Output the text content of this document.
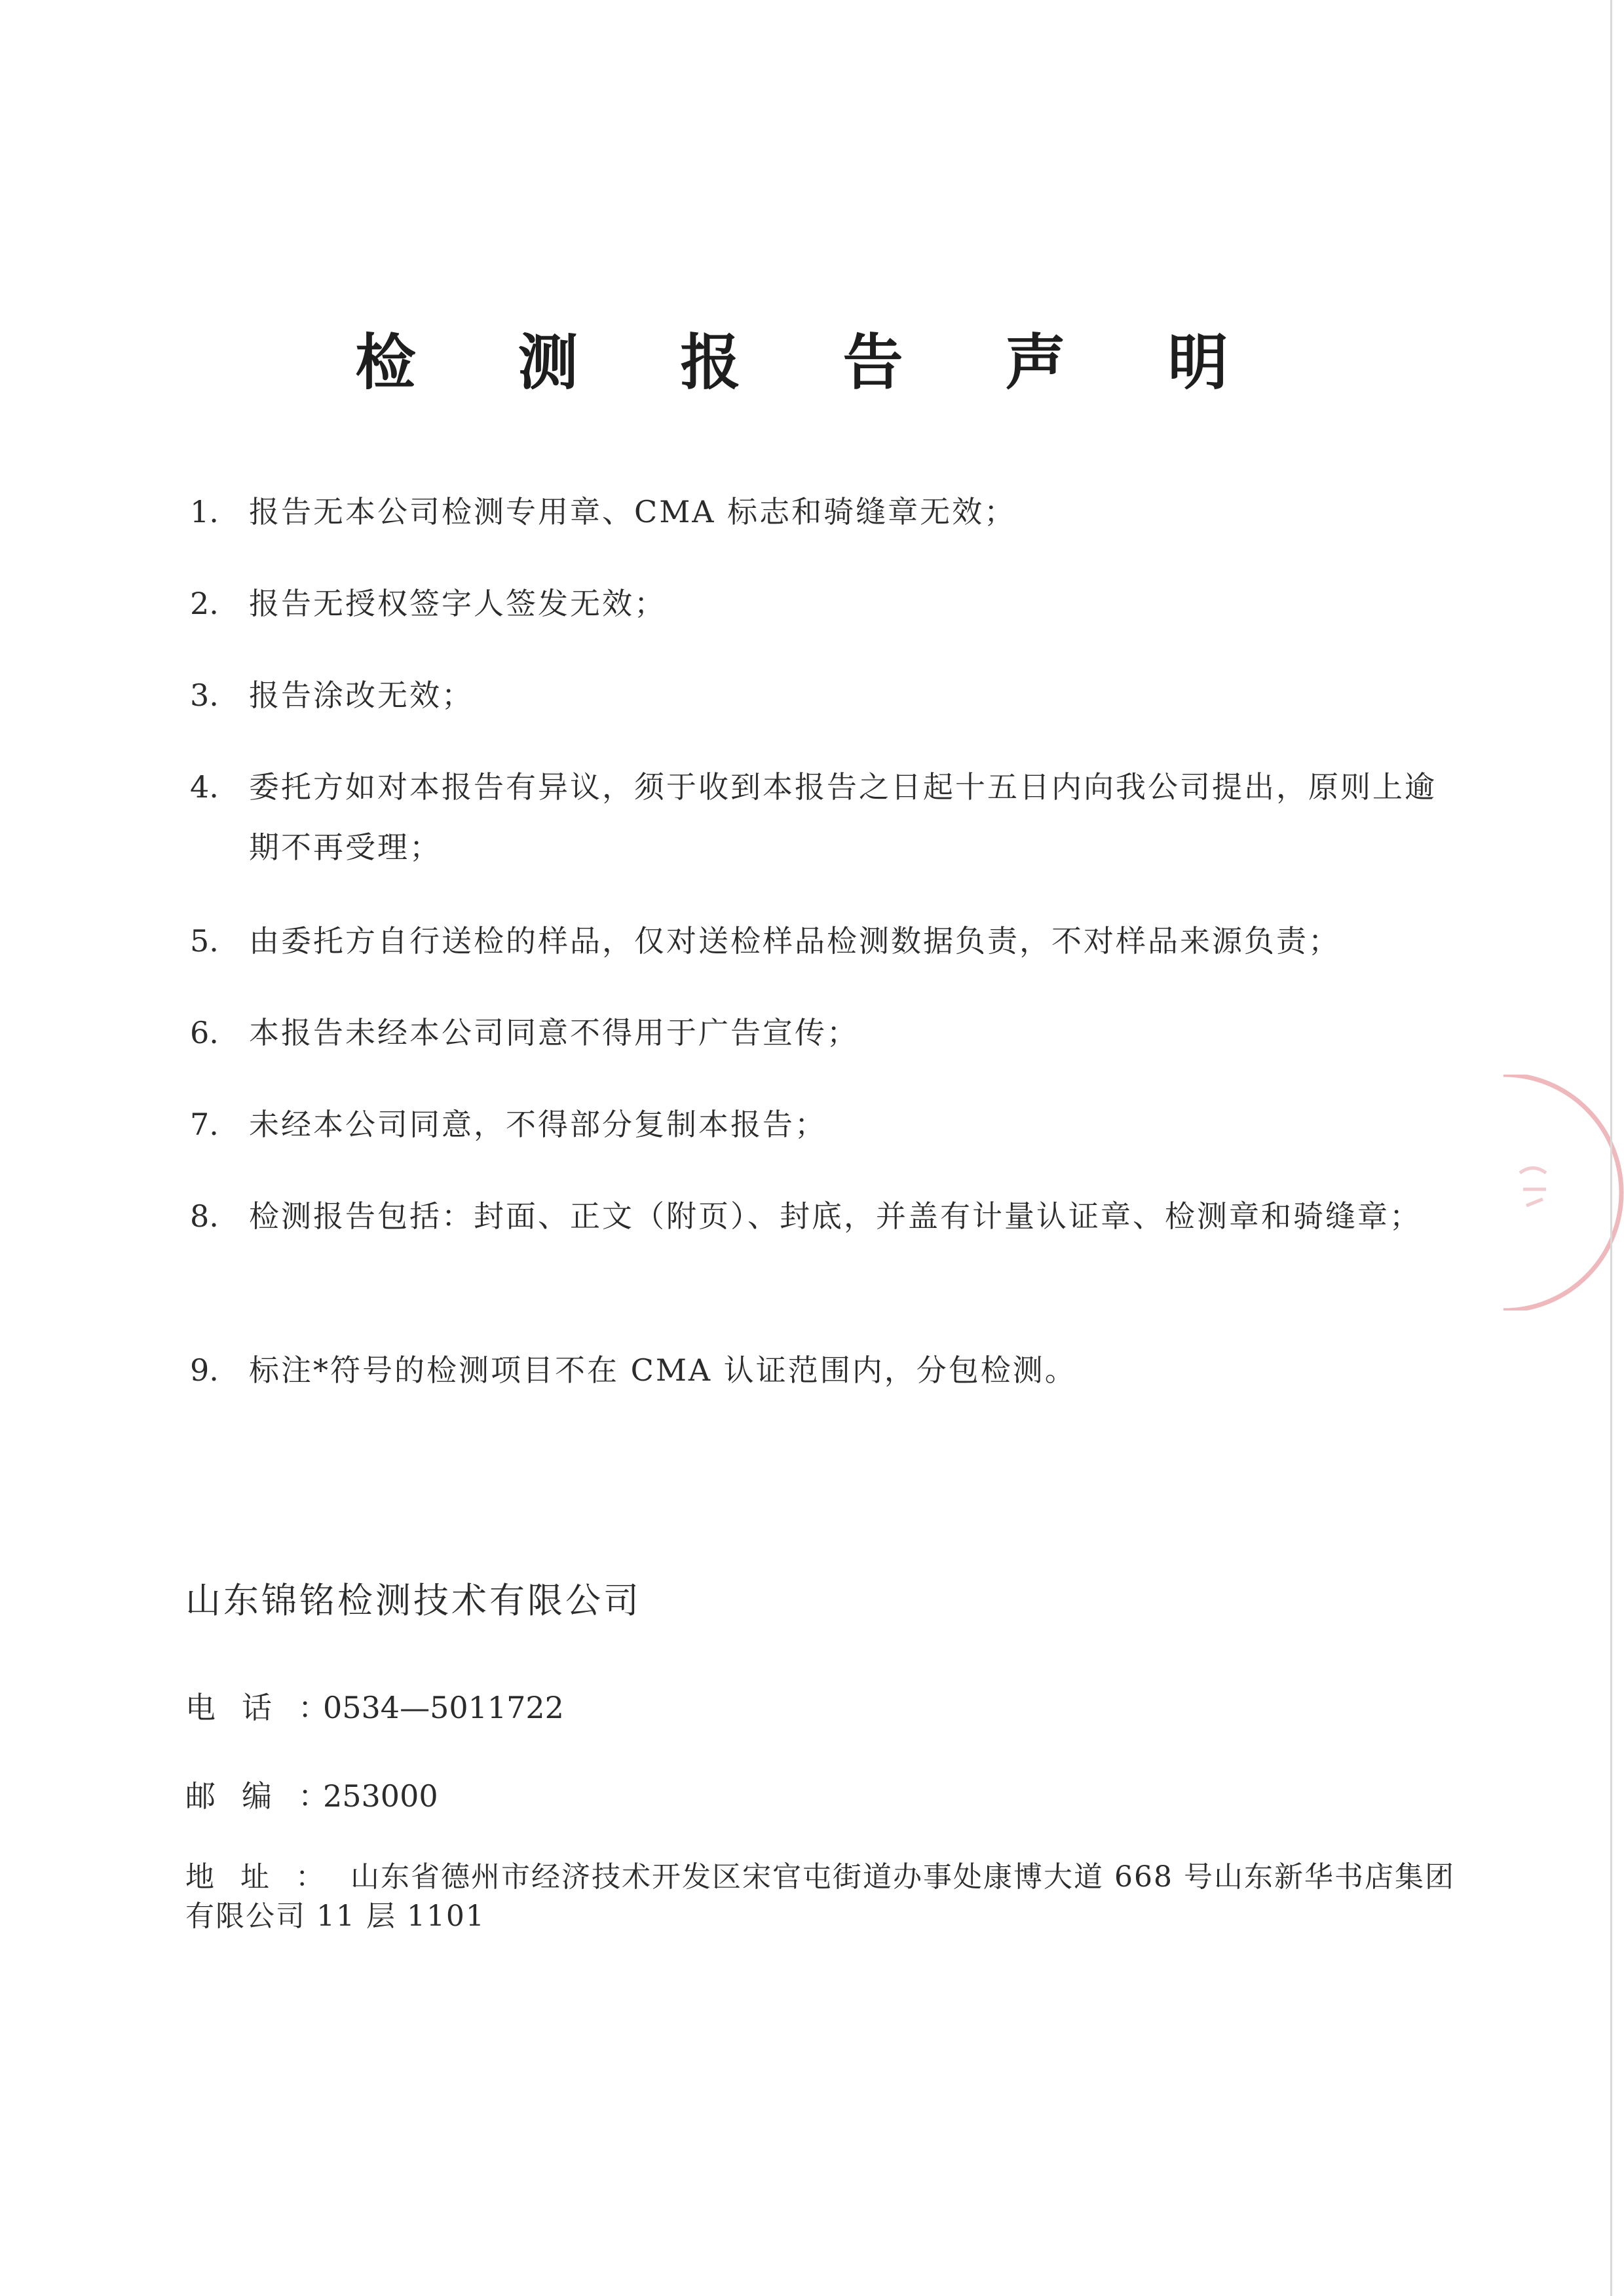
检 测 报 告 声 明
1.	报告无本公司检测专用章、CMA 标志和骑缝章无效；
2.	报告无授权签字人签发无效；
3.	报告涂改无效；
4.	委托方如对本报告有异议，须于收到本报告之日起十五日内向我公司提出，原则上逾期不再受理；
5.	由委托方自行送检的样品，仅对送检样品检测数据负责，不对样品来源负责；
6.	本报告未经本公司同意不得用于广告宣传；
7.	未经本公司同意，不得部分复制本报告；
8.	检测报告包括：封面、正文（附页）、封底，并盖有计量认证章、检测章和骑缝章；
9.	标注*符号的检测项目不在 CMA 认证范围内，分包检测。
山东锦铭检测技术有限公司
电话：0534—5011722
邮编：253000
地址：山东省德州市经济技术开发区宋官屯街道办事处康博大道 668 号山东新华书店集团有限公司 11 层 1101
